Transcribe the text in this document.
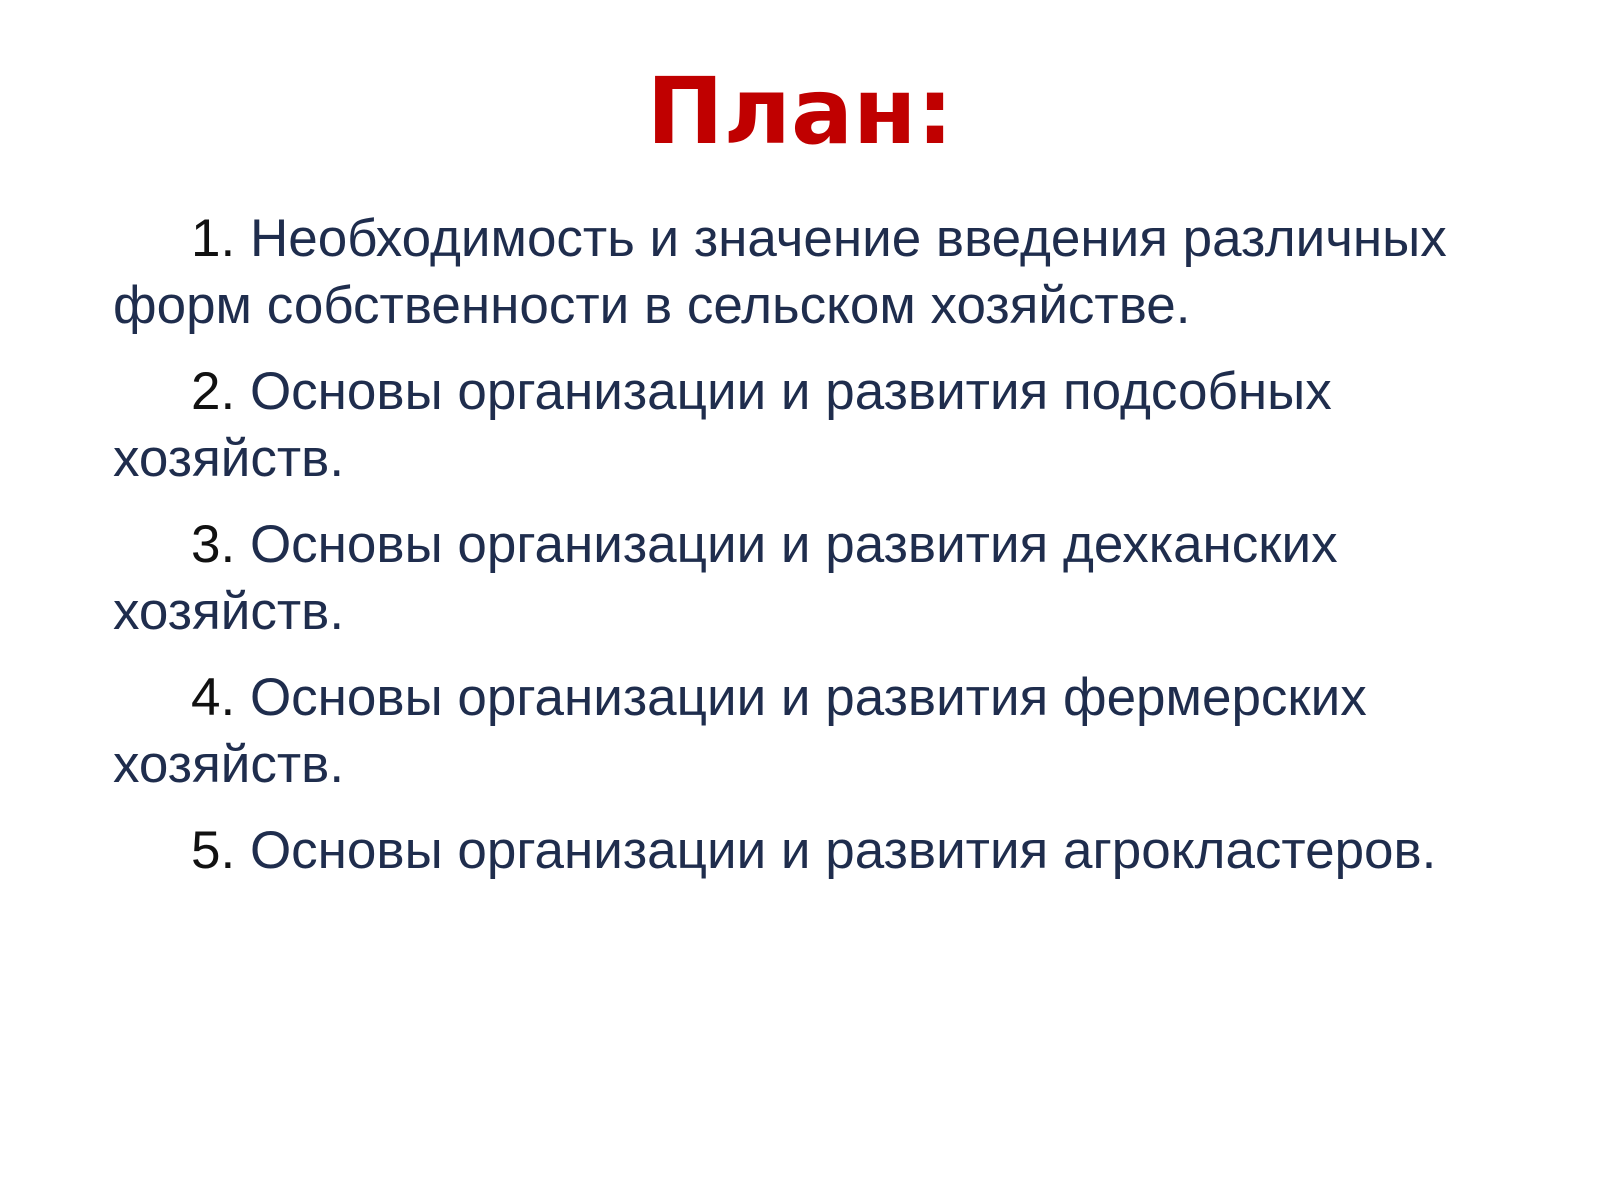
План:
1. Необходимость и значение введения различных форм собственности в сельском хозяйстве.
2. Основы организации и развития подсобных хозяйств.
3. Основы организации и развития дехканских хозяйств.
4. Основы организации и развития фермерских хозяйств.
5. Основы организации и развития агрокластеров.
